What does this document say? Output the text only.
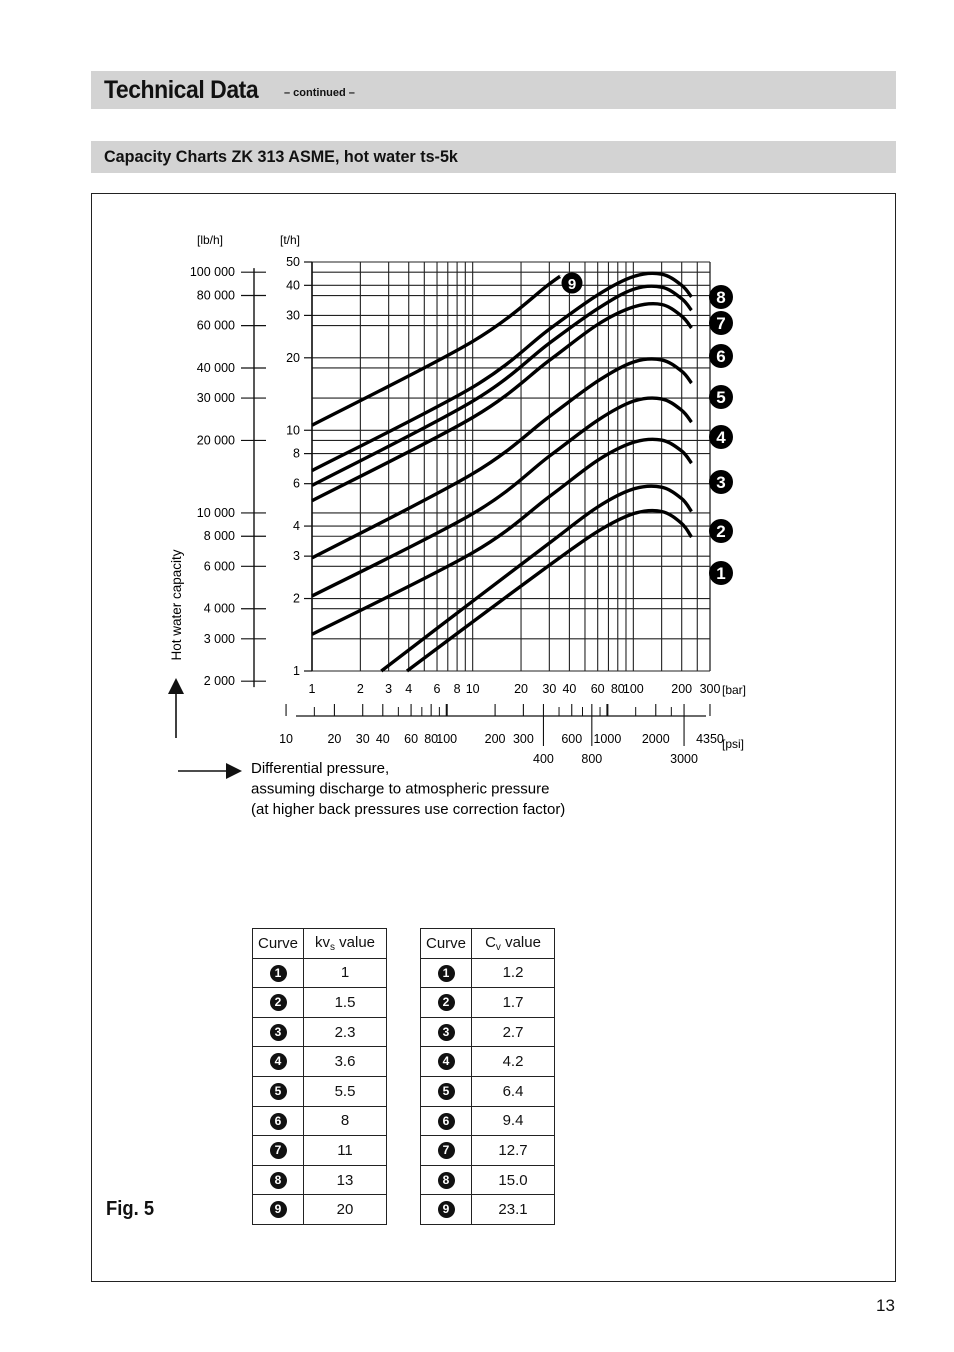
Technical Data – continued –
Capacity Charts ZK 313 ASME, hot water ts-5k
50
40
30
20
10
8
6
4
3
2
1
[t/h]
100 000
80 000
60 000
40 000
30 000
20 000
10 000
8 000
6 000
4 000
3 000
2 000
[lb/h]
Hot water capacity
1	2 3 4 6 8 10	20 30 40 60 80
100 200 300 [bar]
10	20 30 40 60 80
100 200 300
400
600
800
1000 2000
3000
4350
[psi]
Differential pressure,
assuming discharge to atmospheric pressure
(at higher back pressures use correction factor)
1
2
3
4
5
6
7
8
9
Curve	$kv_s$ value
1	1
2	1.5
3	2.3
4	3.6
5	5.5
6	8
7	11
8	13
9	20
Curve	$C_v$ value
1	1.2
2	1.7
3	2.7
4	4.2
5	6.4
6	9.4
7	12.7
8	15.0
9	23.1
Fig. 5
13
